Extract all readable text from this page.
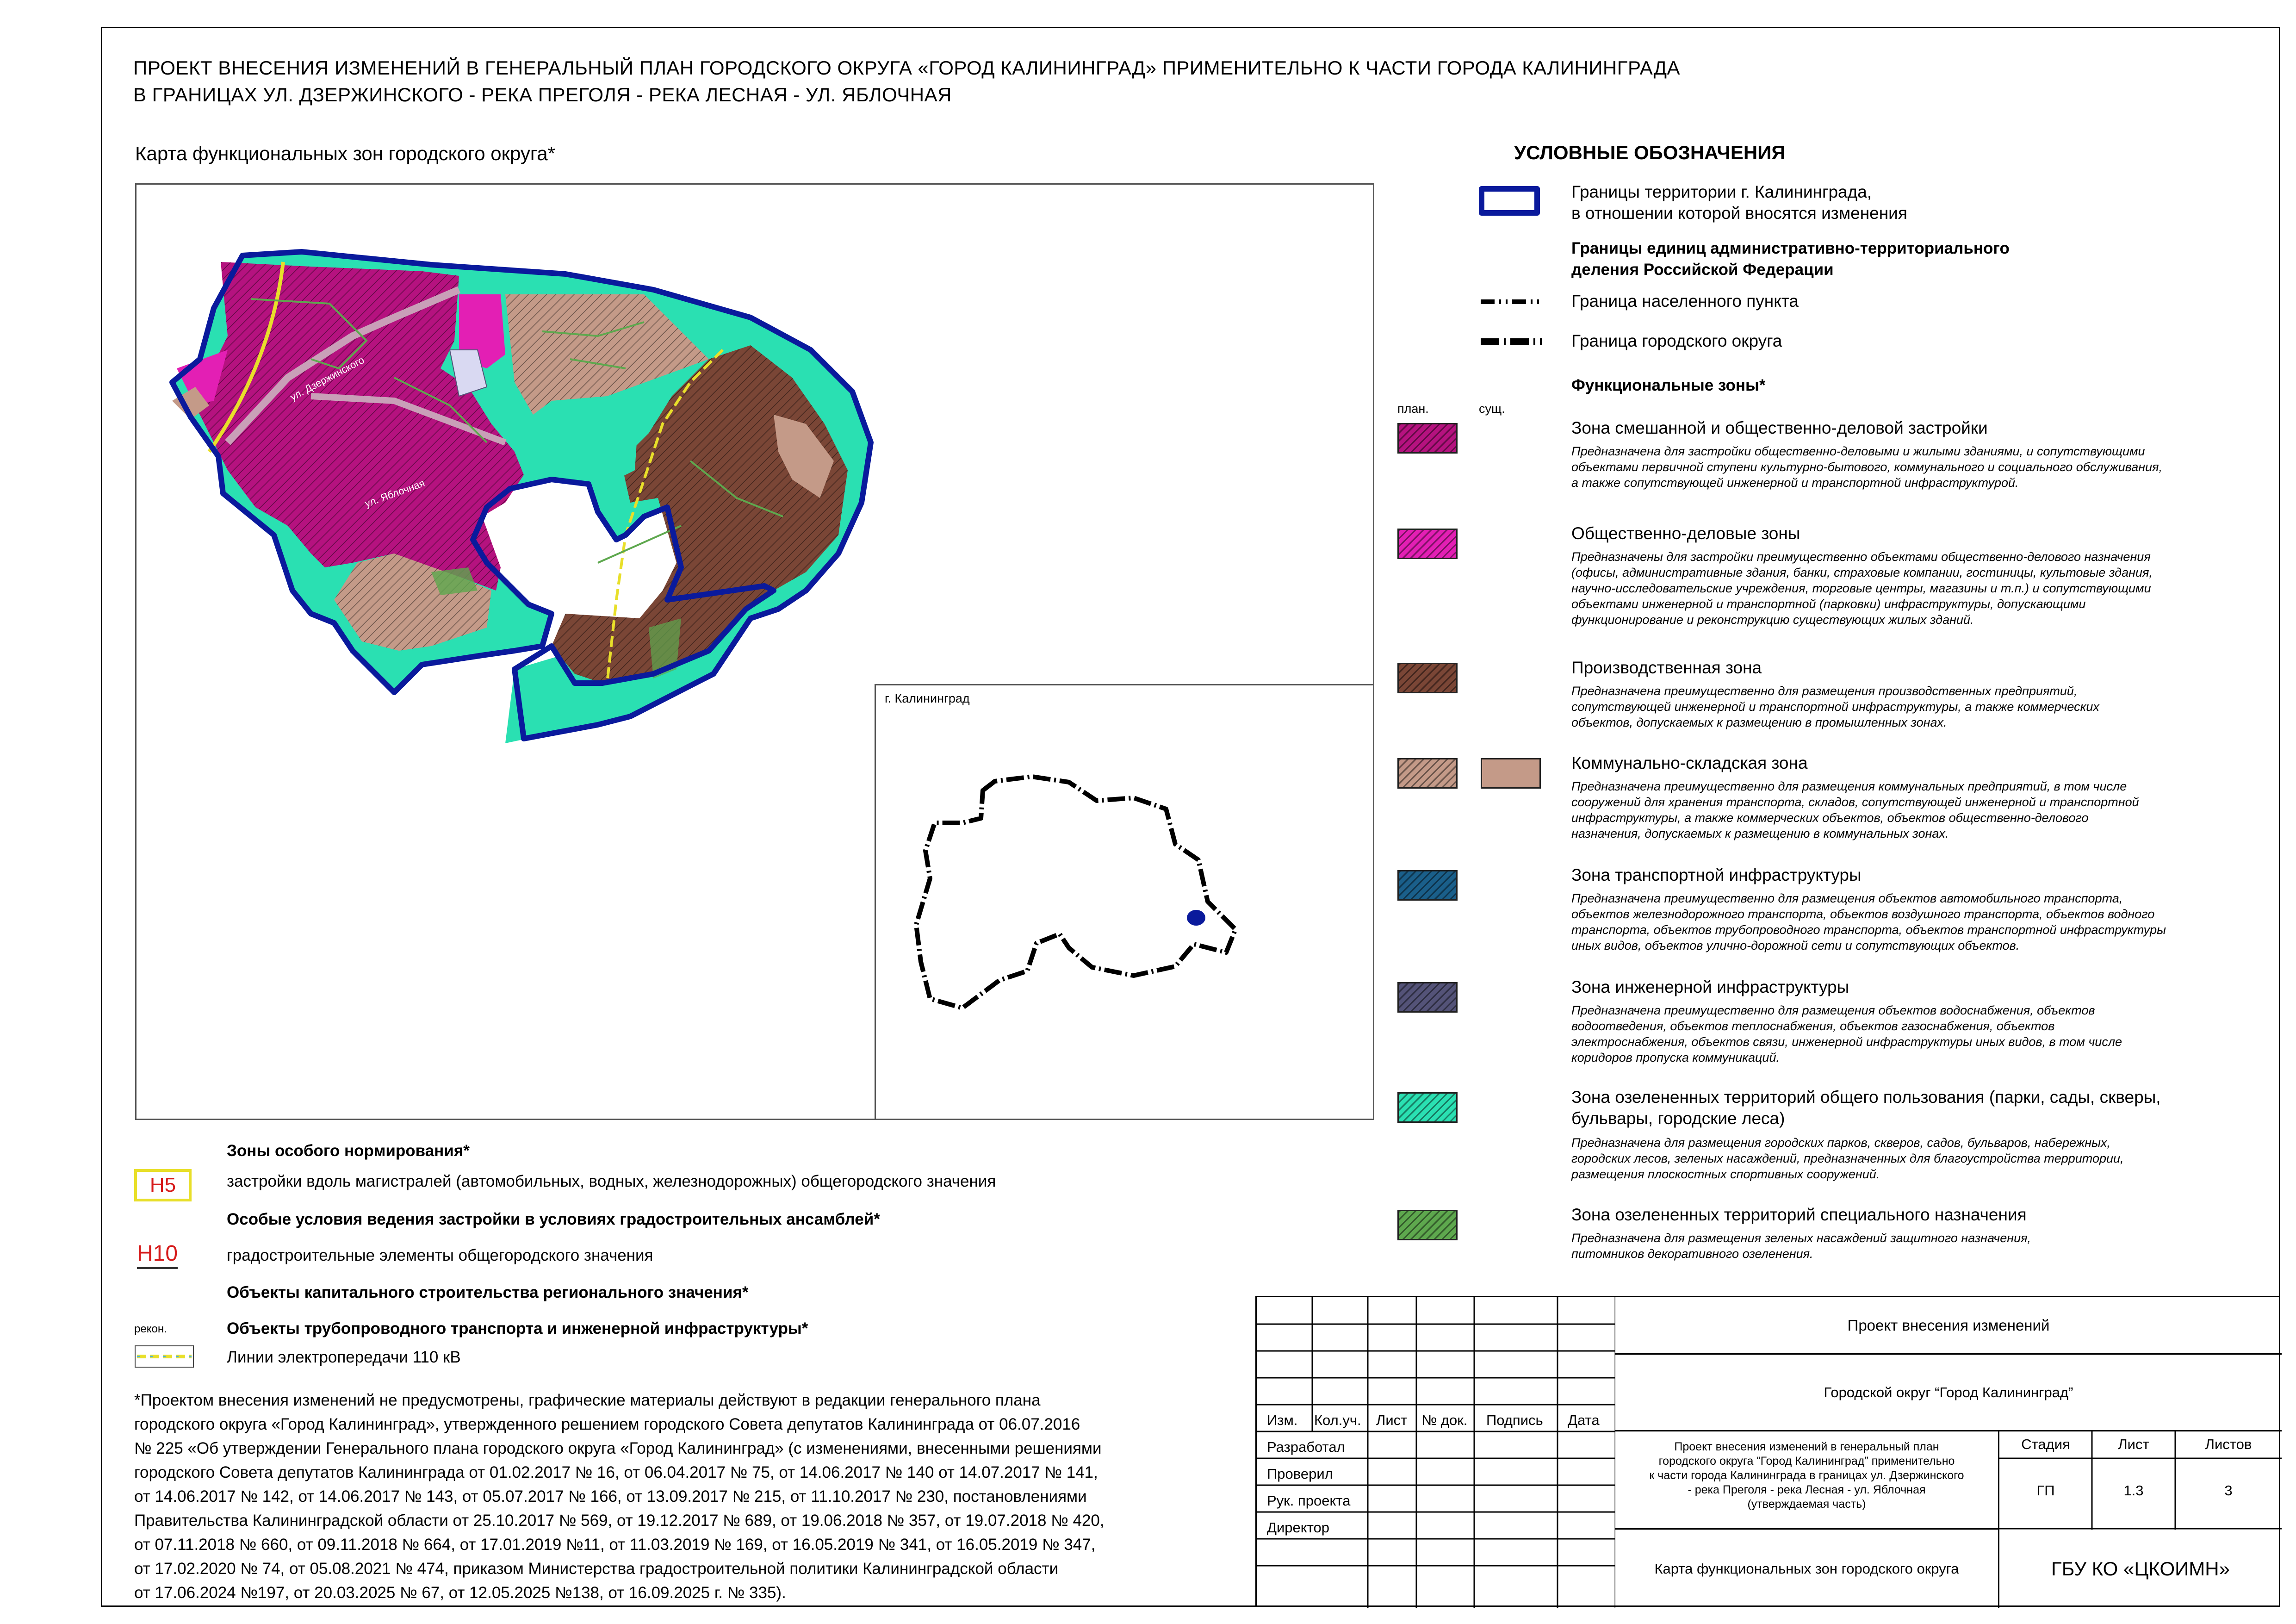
ПРОЕКТ ВНЕСЕНИЯ ИЗМЕНЕНИЙ В ГЕНЕРАЛЬНЫЙ ПЛАН ГОРОДСКОГО ОКРУГА «ГОРОД КАЛИНИНГРАД» ПРИМЕНИТЕЛЬНО К ЧАСТИ ГОРОДА КАЛИНИНГРАДА
В ГРАНИЦАХ УЛ. ДЗЕРЖИНСКОГО - РЕКА ПРЕГОЛЯ - РЕКА ЛЕСНАЯ - УЛ. ЯБЛОЧНАЯ
Карта функциональных зон городского округа*
ул. Дзержинского
ул. Яблочная
г. Калининград
УСЛОВНЫЕ ОБОЗНАЧЕНИЯ
Границы территории г. Калининграда,
в отношении которой вносятся изменения
Границы единиц административно-территориального
деления Российской Федерации
Граница населенного пункта
Граница городского округа
Функциональные зоны*
план.	сущ.
Зона смешанной и общественно-деловой застройки
Предназначена для застройки общественно-деловыми и жилыми зданиями, и сопутствующими
объектами первичной ступени культурно-бытового, коммунального и социального обслуживания,
а также сопутствующей инженерной и транспортной инфраструктурой.
Общественно-деловые зоны
Предназначены для застройки преимущественно объектами общественно-делового назначения
(офисы, административные здания, банки, страховые компании, гостиницы, культовые здания,
научно-исследовательские учреждения, торговые центры, магазины и т.п.) и сопутствующими
объектами инженерной и транспортной (парковки) инфраструктуры, допускающими
функционирование и реконструкцию существующих жилых зданий.
Производственная зона
Предназначена преимущественно для размещения производственных предприятий,
сопутствующей инженерной и транспортной инфраструктуры, а также коммерческих
объектов, допускаемых к размещению в промышленных зонах.
Коммунально-складская зона
Предназначена преимущественно для размещения коммунальных предприятий, в том числе
сооружений для хранения транспорта, складов, сопутствующей инженерной и транспортной
инфраструктуры, а также коммерческих объектов, объектов общественно-делового
назначения, допускаемых к размещению в коммунальных зонах.
Зона транспортной инфраструктуры
Предназначена преимущественно для размещения объектов автомобильного транспорта,
объектов железнодорожного транспорта, объектов воздушного транспорта, объектов водного
транспорта, объектов трубопроводного транспорта, объектов транспортной инфраструктуры
иных видов, объектов улично-дорожной сети и сопутствующих объектов.
Зона инженерной инфраструктуры
Предназначена преимущественно для размещения объектов водоснабжения, объектов
водоотведения, объектов теплоснабжения, объектов газоснабжения, объектов
электроснабжения, объектов связи, инженерной инфраструктуры иных видов, в том числе
коридоров пропуска коммуникаций.
Зона озелененных территорий общего пользования (парки, сады, скверы,
бульвары, городские леса)
Предназначена для размещения городских парков, скверов, садов, бульваров, набережных,
городских лесов, зеленых насаждений, предназначенных для благоустройства территории,
размещения плоскостных спортивных сооружений.
Зона озелененных территорий специального назначения
Предназначена для размещения зеленых насаждений защитного назначения,
питомников декоративного озеленения.
Зоны особого нормирования*
Н5	застройки вдоль магистралей (автомобильных, водных, железнодорожных) общегородского значения
Особые условия ведения застройки в условиях градостроительных ансамблей*
Н10	градостроительные элементы общегородского значения
Объекты капитального строительства регионального значения*
рекон.	Объекты трубопроводного транспорта и инженерной инфраструктуры*
Линии электропередачи 110 кВ
*Проектом внесения изменений не предусмотрены, графические материалы действуют в редакции генерального плана
городского округа «Город Калининград», утвержденного решением городского Совета депутатов Калининграда от 06.07.2016
№ 225 «Об утверждении Генерального плана городского округа «Город Калининград» (с изменениями, внесенными решениями
городского Совета депутатов Калининграда от 01.02.2017 № 16, от 06.04.2017 № 75, от 14.06.2017 № 140 от 14.07.2017 № 141,
от 14.06.2017 № 142, от 14.06.2017 № 143, от 05.07.2017 № 166, от 13.09.2017 № 215, от 11.10.2017 № 230, постановлениями
Правительства Калининградской области от 25.10.2017 № 569, от 19.12.2017 № 689, от 19.06.2018 № 357, от 19.07.2018 № 420,
от 07.11.2018 № 660, от 09.11.2018 № 664, от 17.01.2019 №11, от 11.03.2019 № 169, от 16.05.2019 № 341, от 16.05.2019 № 347,
от 17.02.2020 № 74, от 05.08.2021 № 474, приказом Министерства градостроительной политики Калининградской области
от 17.06.2024 №197, от 20.03.2025 № 67, от 12.05.2025 №138, от 16.09.2025 г. № 335).
Изм. Кол.уч. Лист № док. Подпись Дата
Разработал
Проверил
Рук. проекта
Директор
Проект внесения изменений
Городской округ “Город Калининград”
Проект внесения изменений в генеральный план
городского округа “Город Калининград” применительно
к части города Калининграда в границах ул. Дзержинского
- река Преголя - река Лесная - ул. Яблочная
(утверждаемая часть)
Стадия	Лист	Листов
ГП	1.3	3
Карта функциональных зон городского округа	ГБУ КО «ЦКОИМН»
